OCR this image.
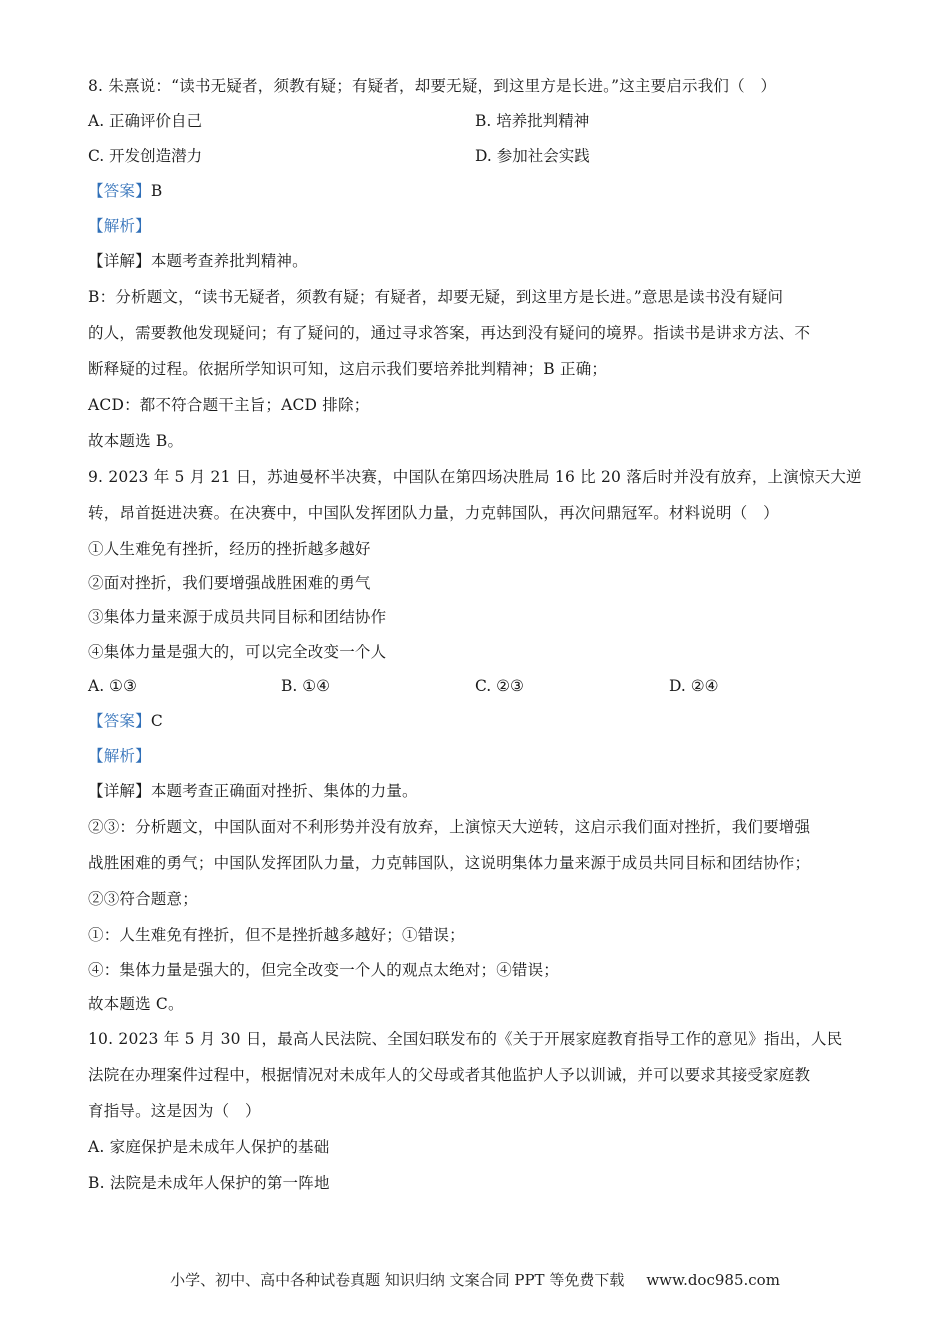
8. 朱熹说：“读书无疑者，须教有疑；有疑者，却要无疑，到这里方是长进。”这主要启示我们（　）
A. 正确评价自己	B. 培养批判精神
C. 开发创造潜力	D. 参加社会实践
【答案】B
【解析】
【详解】本题考查养批判精神。
B：分析题文，“读书无疑者，须教有疑；有疑者，却要无疑，到这里方是长进。”意思是读书没有疑问
的人，需要教他发现疑问；有了疑问的，通过寻求答案，再达到没有疑问的境界。指读书是讲求方法、不
断释疑的过程。依据所学知识可知，这启示我们要培养批判精神；B 正确；
ACD：都不符合题干主旨；ACD 排除；
故本题选 B。
9. 2023 年 5 月 21 日，苏迪曼杯半决赛，中国队在第四场决胜局 16 比 20 落后时并没有放弃，上演惊天大逆
转，昂首挺进决赛。在决赛中，中国队发挥团队力量，力克韩国队，再次问鼎冠军。材料说明（　）
①人生难免有挫折，经历的挫折越多越好
②面对挫折，我们要增强战胜困难的勇气
③集体力量来源于成员共同目标和团结协作
④集体力量是强大的，可以完全改变一个人
A. ①③	B. ①④	C. ②③	D. ②④
【答案】C
【解析】
【详解】本题考查正确面对挫折、集体的力量。
②③：分析题文，中国队面对不利形势并没有放弃，上演惊天大逆转，这启示我们面对挫折，我们要增强
战胜困难的勇气；中国队发挥团队力量，力克韩国队，这说明集体力量来源于成员共同目标和团结协作；
②③符合题意；
①：人生难免有挫折，但不是挫折越多越好；①错误；
④：集体力量是强大的，但完全改变一个人的观点太绝对；④错误；
故本题选 C。
10. 2023 年 5 月 30 日，最高人民法院、全国妇联发布的《关于开展家庭教育指导工作的意见》指出，人民
法院在办理案件过程中，根据情况对未成年人的父母或者其他监护人予以训诫，并可以要求其接受家庭教
育指导。这是因为（　）
A. 家庭保护是未成年人保护的基础
B. 法院是未成年人保护的第一阵地
小学、初中、高中各种试卷真题 知识归纳 文案合同 PPT 等免费下载 www.doc985.com
